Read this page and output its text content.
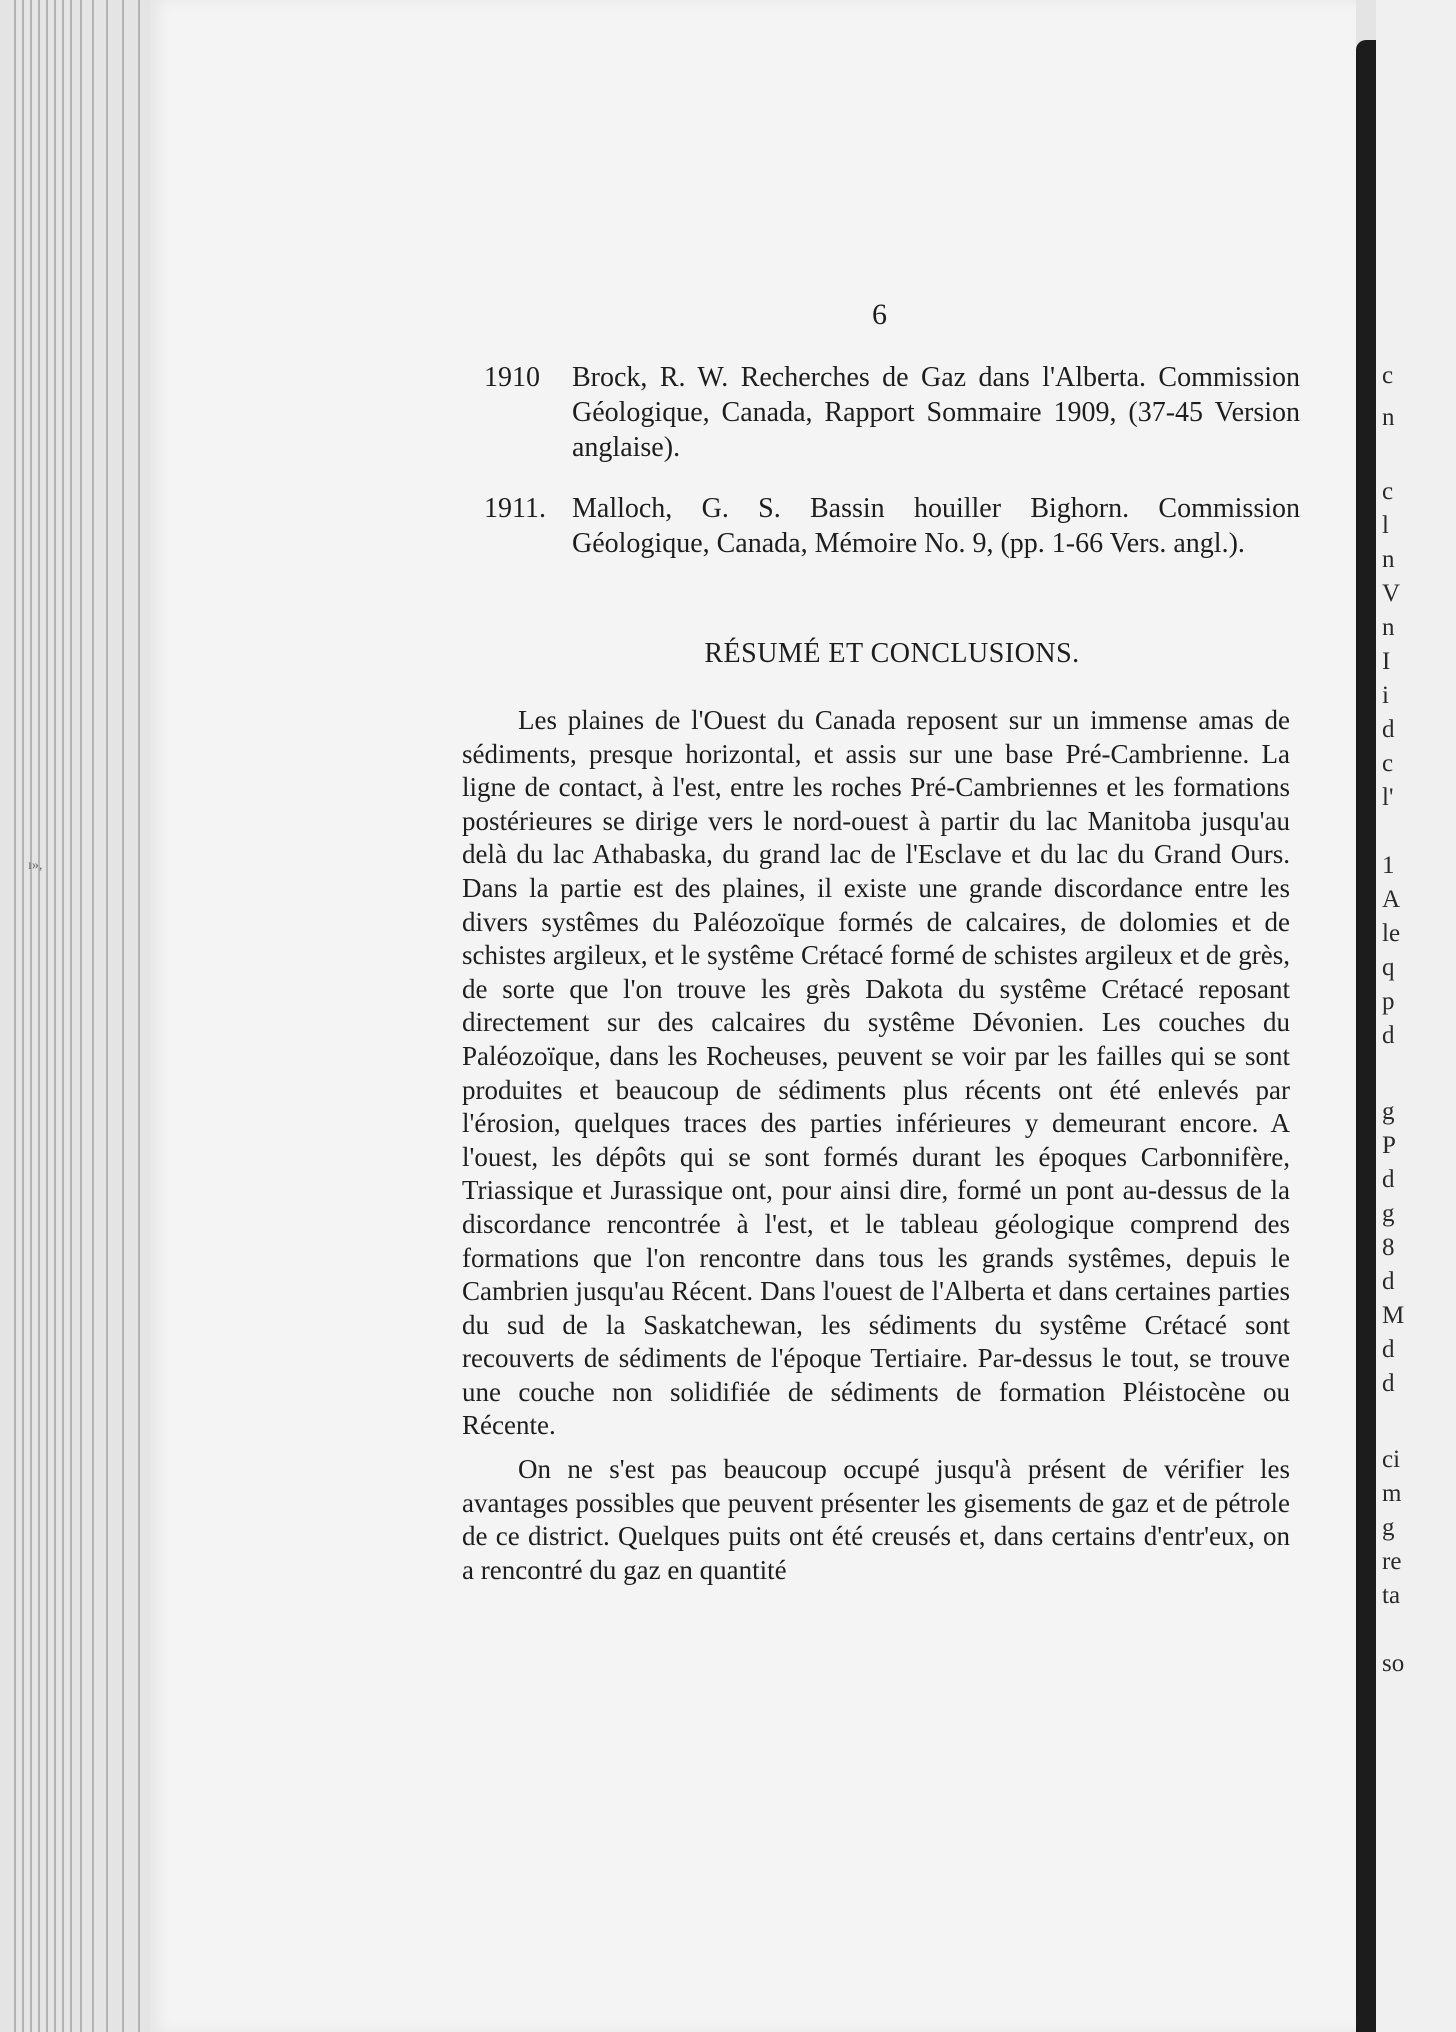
ı»,
6
1910 Brock, R. W. Recherches de Gaz dans l'Alberta. Commission Géologique, Canada, Rapport Sommaire 1909, (37-45 Version anglaise).
1911. Malloch, G. S. Bassin houiller Bighorn. Commission Géologique, Canada, Mémoire No. 9, (pp. 1-66 Vers. angl.).
RÉSUMÉ ET CONCLUSIONS.

Les plaines de l'Ouest du Canada reposent sur un immense amas de sédiments, presque horizontal, et assis sur une base Pré-Cambrienne. La ligne de contact, à l'est, entre les roches Pré-Cambriennes et les formations postérieures se dirige vers le nord-ouest à partir du lac Manitoba jusqu'au delà du lac Athabaska, du grand lac de l'Esclave et du lac du Grand Ours. Dans la partie est des plaines, il existe une grande discordance entre les divers systêmes du Paléozoïque formés de calcaires, de dolomies et de schistes argileux, et le systême Crétacé formé de schistes argileux et de grès, de sorte que l'on trouve les grès Dakota du systême Crétacé reposant directement sur des calcaires du systême Dévonien. Les couches du Paléozoïque, dans les Rocheuses, peuvent se voir par les failles qui se sont produites et beaucoup de sédiments plus récents ont été enlevés par l'érosion, quelques traces des parties inférieures y demeurant encore. A l'ouest, les dépôts qui se sont formés durant les époques Carbonnifère, Triassique et Jurassique ont, pour ainsi dire, formé un pont au-dessus de la discordance rencontrée à l'est, et le tableau géologique comprend des formations que l'on rencontre dans tous les grands systêmes, depuis le Cambrien jusqu'au Récent. Dans l'ouest de l'Alberta et dans certaines parties du sud de la Saskatchewan, les sédiments du systême Crétacé sont recouverts de sédiments de l'époque Tertiaire. Par-dessus le tout, se trouve une couche non solidifiée de sédiments de formation Pléistocène ou Récente.

On ne s'est pas beaucoup occupé jusqu'à présent de vérifier les avantages possibles que peuvent présenter les gisements de gaz et de pétrole de ce district. Quelques puits ont été creusés et, dans certains d'entr'eux, on a rencontré du gaz en quantité

c
n
c
l
n
V
n
I
i
d
c
l'
1
A
le
q
p
d
g
P
d
g
8
d
M
d
d
ci
m
g
re
ta
so
